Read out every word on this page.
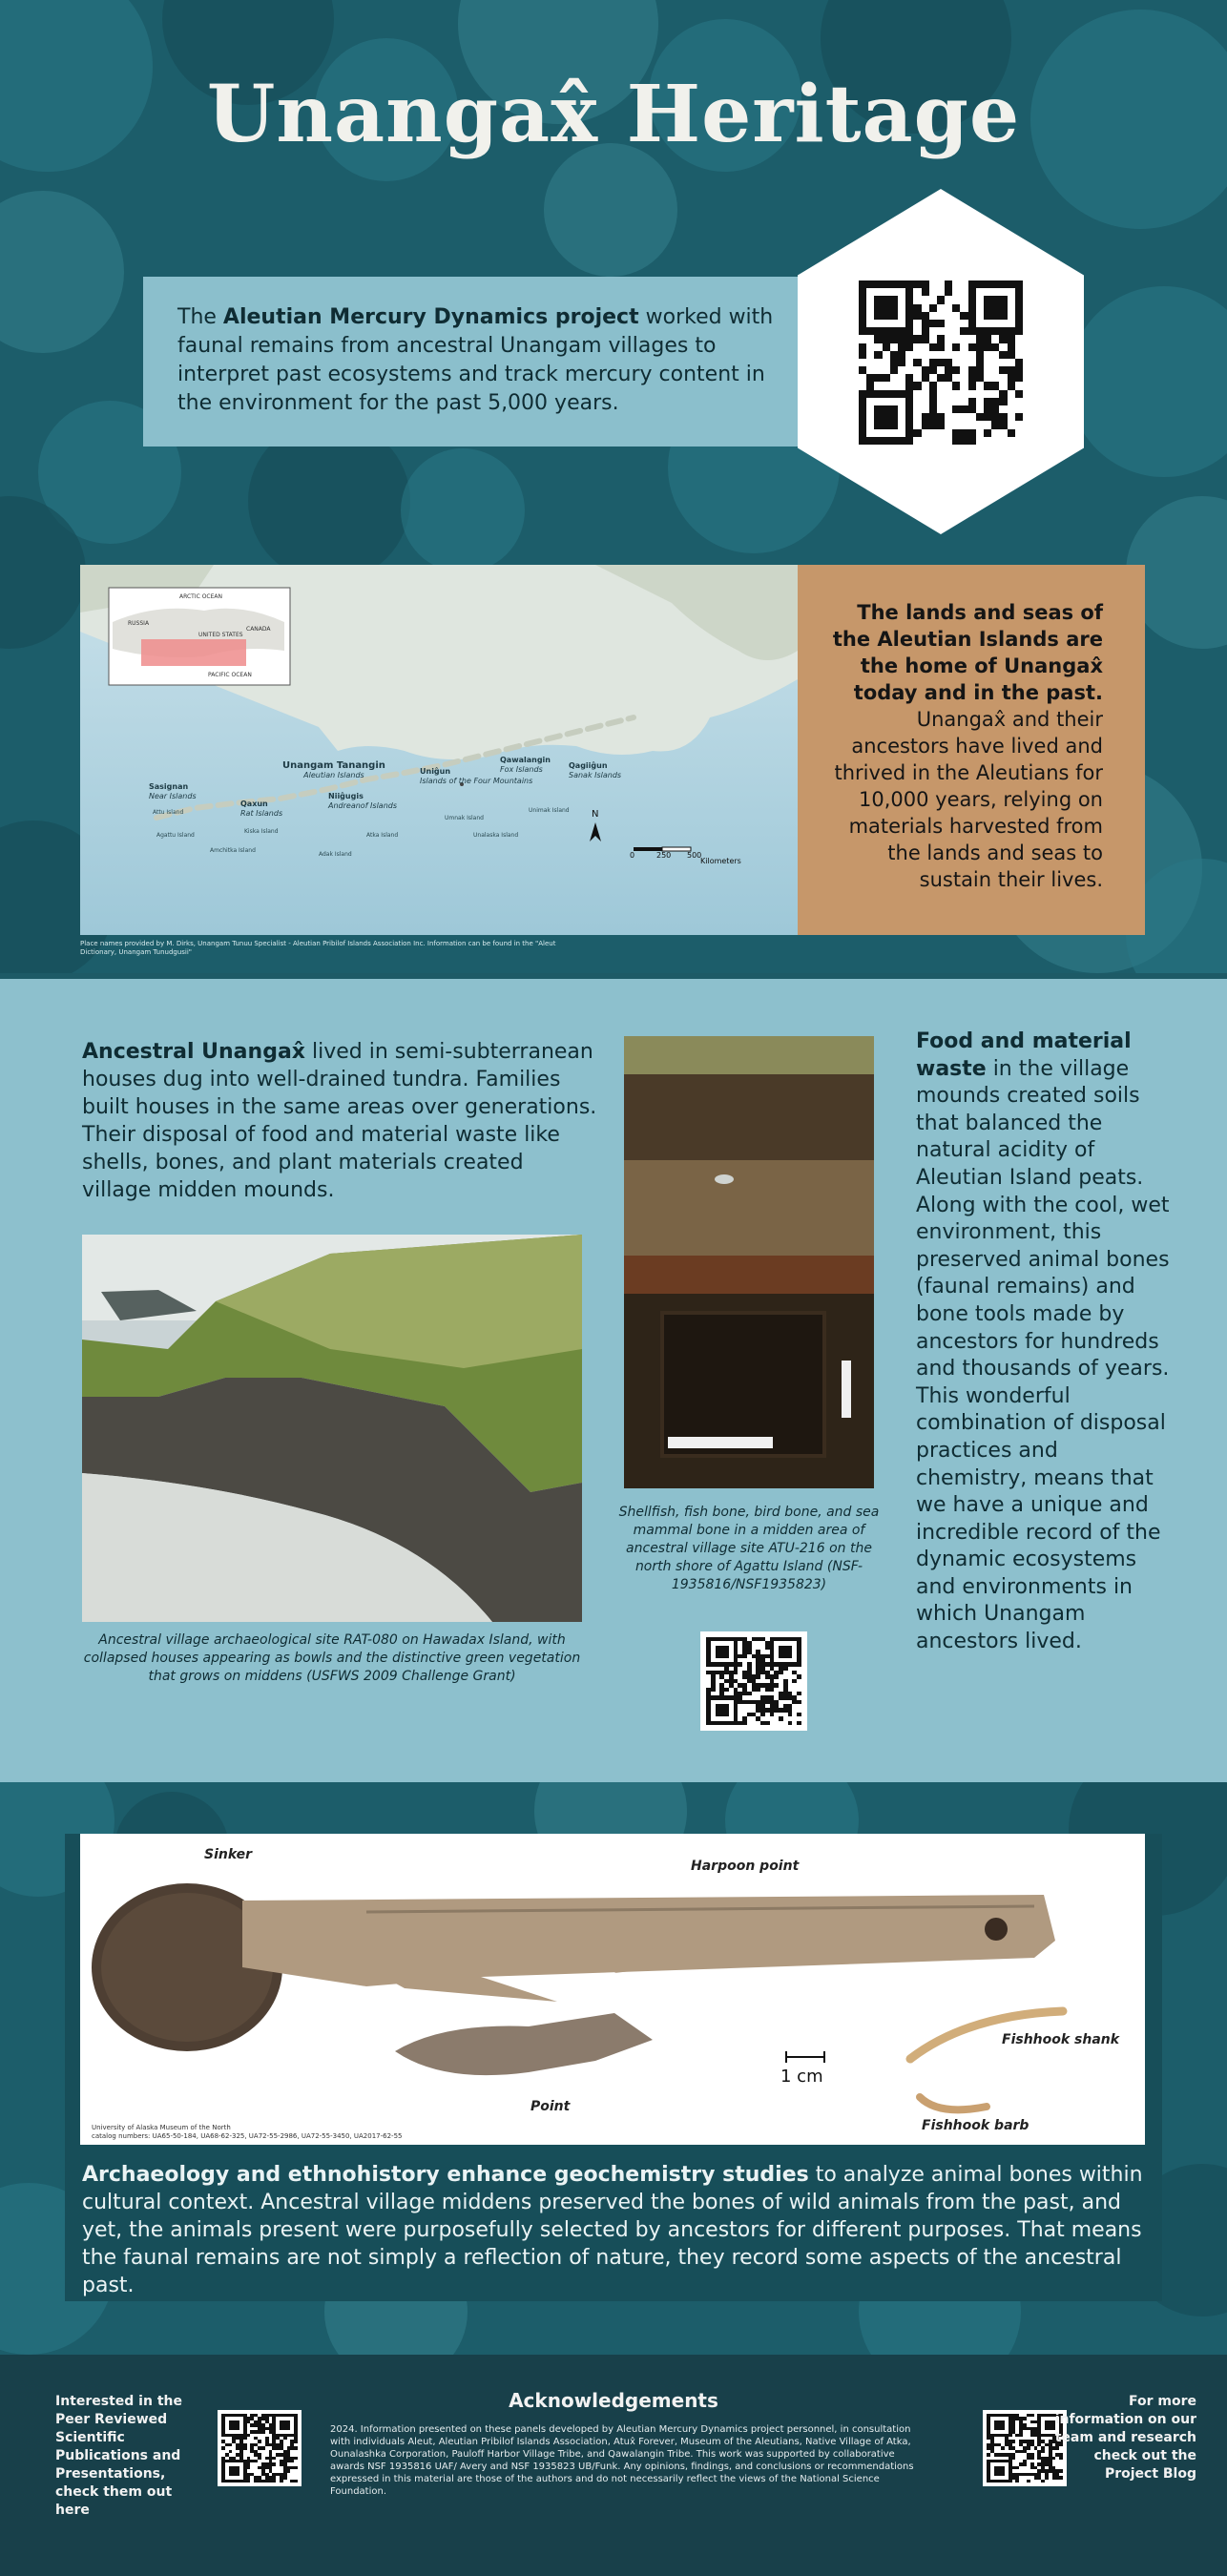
Unangax̂ Heritage
The Aleutian Mercury Dynamics project worked with faunal remains from ancestral Unangam villages to interpret past ecosystems and track mercury content in the environment for the past 5,000 years.
ARCTIC OCEAN
RUSSIA
UNITED STATES
CANADA
PACIFIC OCEAN
Unangam Tanangin
Aleutian Islands
Sasignan
Near Islands
Qaxun
Rat Islands
Niiĝugis
Andreanof Islands
Uniĝun
Islands of the Four Mountains
Qawalangin
Fox Islands	Qagiiĝun
Sanak Islands
Attu Island
Agattu Island
Kiska Island
Amchitka Island
Adak Island
Atka Island
Umnak Island
Unalaska Island
Unimak Island N
0	250 500
Kilometers
Place names provided by M. Dirks, Unangam Tunuu Specialist - Aleutian Pribilof Islands Association Inc. Information can be found in the "Aleut Dictionary, Unangam Tunudgusii"
The lands and seas of the Aleutian Islands are the home of Unangax̂ today and in the past. Unangax̂ and their ancestors have lived and thrived in the Aleutians for 10,000 years, relying on materials harvested from the lands and seas to sustain their lives.
Ancestral Unangax̂ lived in semi-subterranean houses dug into well-drained tundra. Families built houses in the same areas over generations. Their disposal of food and material waste like shells, bones, and plant materials created village midden mounds.
Ancestral village archaeological site RAT-080 on Hawadax Island, with collapsed houses appearing as bowls and the distinctive green vegetation that grows on middens (USFWS 2009 Challenge Grant)
Shellfish, fish bone, bird bone, and sea mammal bone in a midden area of ancestral village site ATU-216 on the north shore of Agattu Island (NSF-1935816/NSF1935823)
Food and material waste in the village mounds created soils that balanced the natural acidity of Aleutian Island peats. Along with the cool, wet environment, this preserved animal bones (faunal remains) and bone tools made by ancestors for hundreds and thousands of years. This wonderful combination of disposal practices and chemistry, means that we have a unique and incredible record of the dynamic ecosystems and environments in which Unangam ancestors lived.
Sinker
Harpoon point
Point
1 cm
Fishhook shank
Fishhook barb
University of Alaska Museum of the North
catalog numbers: UA65-50-184, UA68-62-325, UA72-55-2986, UA72-55-3450, UA2017-62-55
Archaeology and ethnohistory enhance geochemistry studies to analyze animal bones within cultural context. Ancestral village middens preserved the bones of wild animals from the past, and yet, the animals present were purposefully selected by ancestors for different purposes. That means the faunal remains are not simply a reflection of nature, they record some aspects of the ancestral past.
Interested in the Peer Reviewed Scientific Publications and Presentations, check them out here
Acknowledgements
2024. Information presented on these panels developed by Aleutian Mercury Dynamics project personnel, in consultation with individuals Aleut, Aleutian Pribilof Islands Association, Atux̂ Forever, Museum of the Aleutians, Native Village of Atka, Ounalashka Corporation, Pauloff Harbor Village Tribe, and Qawalangin Tribe. This work was supported by collaborative awards NSF 1935816 UAF/ Avery and NSF 1935823 UB/Funk. Any opinions, findings, and conclusions or recommendations expressed in this material are those of the authors and do not necessarily reflect the views of the National Science Foundation.
For more information on our team and research check out the Project Blog
